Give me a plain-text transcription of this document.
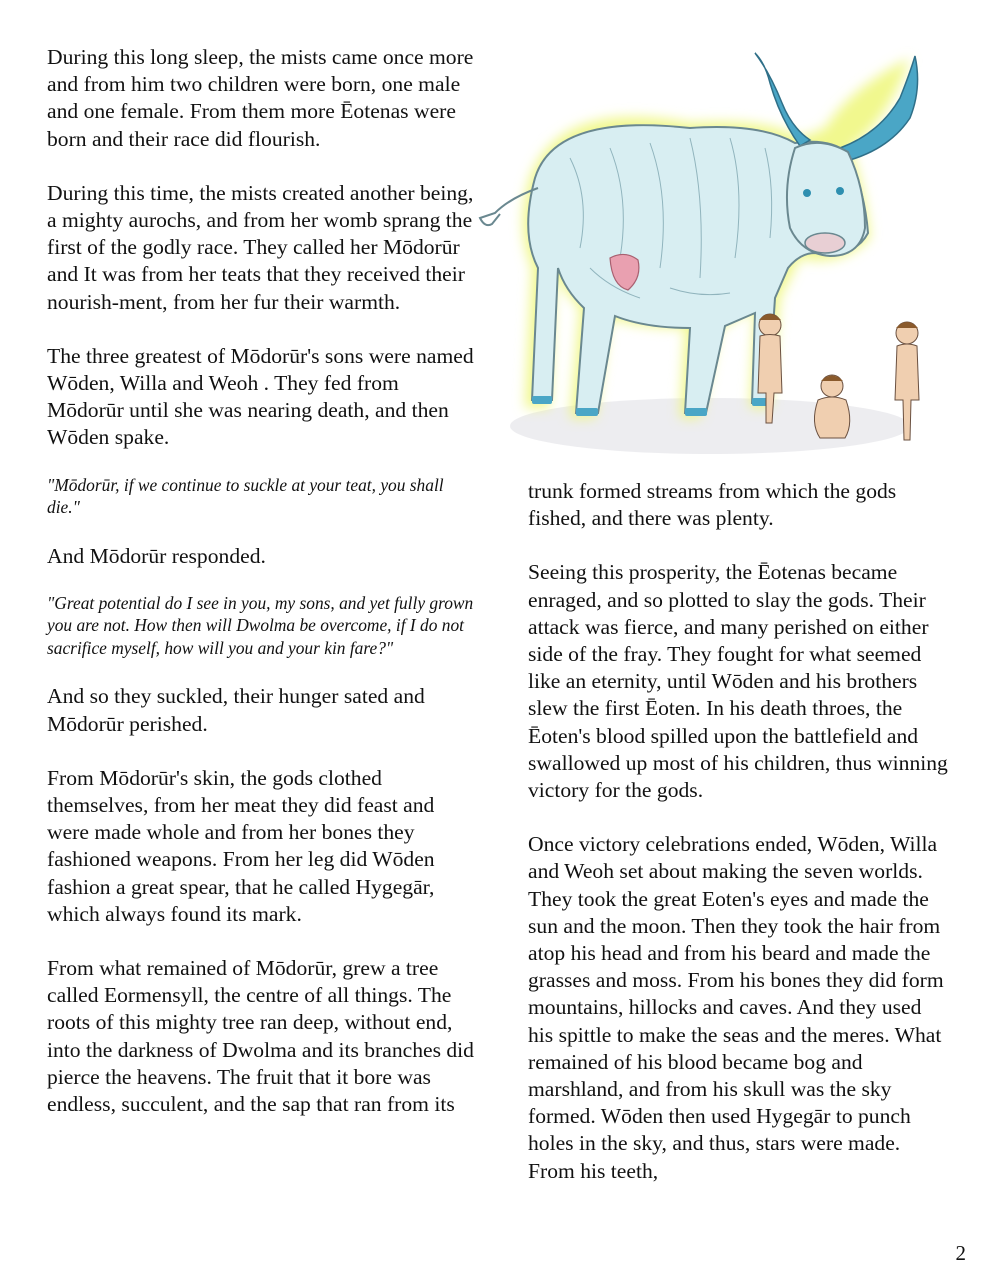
During this long sleep, the mists came once more and from him two children were born, one male and one female. From them more Ēotenas were born and their race did flourish.

During this time, the mists created another being, a mighty aurochs, and from her womb sprang the first of the godly race. They called her Mōdorūr and It was from her teats that they received their nourish-ment, from her fur their warmth.

The three greatest of Mōdorūr's sons were named Wōden, Willa and Weoh . They fed from Mōdorūr until she was nearing death, and then Wōden spake.

"Mōdorūr, if we continue to suckle at your teat, you shall die."

And Mōdorūr responded.

"Great potential do I see in you, my sons, and yet fully grown you are not. How then will Dwolma be overcome, if I do not sacrifice myself, how will you and your kin fare?"

And so they suckled, their hunger sated and Mōdorūr perished.

From Mōdorūr's skin, the gods clothed themselves, from her meat they did feast and were made whole and from her bones they fashioned weapons. From her leg did Wōden fashion a great spear, that he called Hygegār, which always found its mark.

From what remained of Mōdorūr, grew a tree called Eormensyll, the centre of all things. The roots of this mighty tree ran deep, without end, into the darkness of Dwolma and its branches did pierce the heavens. The fruit that it bore was endless, succulent, and the sap that ran from its

trunk formed streams from which the gods fished, and there was plenty.

Seeing this prosperity, the Ēotenas became enraged, and so plotted to slay the gods. Their attack was fierce, and many perished on either side of the fray. They fought for what seemed like an eternity, until Wōden and his brothers slew the first Ēoten. In his death throes, the Ēoten's blood spilled upon the battlefield and swallowed up most of his children, thus winning victory for the gods.

Once victory celebrations ended, Wōden, Willa and Weoh set about making the seven worlds. They took the great Eoten's eyes and made the sun and the moon. Then they took the hair from atop his head and from his beard and made the grasses and moss. From his bones they did form mountains, hillocks and caves. And they used his spittle to make the seas and the meres. What remained of his blood became bog and marshland, and from his skull was the sky formed. Wōden then used Hygegār to punch holes in the sky, and thus, stars were made. From his teeth,

2
